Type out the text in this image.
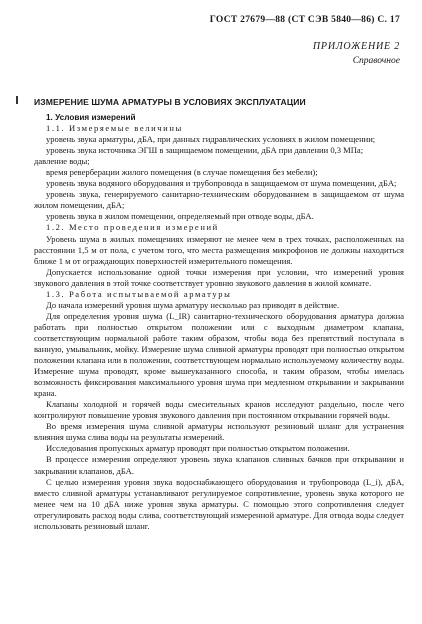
ГОСТ 27679—88 (СТ СЭВ 5840—86) С. 17
ПРИЛОЖЕНИЕ 2
Справочное
ИЗМЕРЕНИЕ ШУМА АРМАТУРЫ В УСЛОВИЯХ ЭКСПЛУАТАЦИИ

1. Условия измерений

1.1. Измеряемые величины

уровень звука арматуры, дБА, при данных гидравлических условиях в жилом помещении;

уровень звука источника ЭГШ в защищаемом помещении, дБА при давлении 0,3 МПа;

давление воды;

время реверберации жилого помещения (в случае помещения без мебели);

уровень звука водяного оборудования и трубопровода в защищаемом от шума помещении, дБА;

уровень звука, генерируемого санитарно-техническим оборудованием в защищаемом от шума жилом помещении, дБА;

уровень звука в жилом помещении, определяемый при отводе воды, дБА.

1.2. Место проведения измерений

Уровень шума в жилых помещениях измеряют не менее чем в трех точках, расположенных на расстоянии 1,5 м от пола, с учетом того, что места размещения микрофонов не должны находиться ближе 1 м от ограждающих поверхностей измерительного помещения.

Допускается использование одной точки измерения при условии, что измерений уровня звукового давления в этой точке соответствует уровню звукового давления в жилой комнате.

1.3. Работа испытываемой арматуры

До начала измерений уровня шума арматуру несколько раз приводят в действие.

Для определения уровня шума (L_IR) санитарно-технического оборудования арматура должна работать при полностью открытом положении или с выходным диаметром клапана, соответствующим нормальной работе таким образом, чтобы вода без препятствий поступала в ванную, умывальник, мойку. Измерение шума сливной арматуры проводят при полностью открытом положении клапана или в положении, соответствующем нормально используемому количеству воды. Измерение шума проводят, кроме вышеуказанного способа, и таким образом, чтобы имелась возможность фиксирования максимального уровня шума при медленном открывании и закрывании крана.

Клапаны холодной и горячей воды смесительных кранов исследуют раздельно, после чего контролируют повышение уровня звукового давления при постоянном открывании горячей воды.

Во время измерения шума сливной арматуры используют резиновый шланг для устранения влияния шума слива воды на результаты измерений.

Исследования пропускных арматур проводят при полностью открытом положении.

В процессе измерения определяют уровень звука клапанов сливных бачков при открывании и закрывании клапанов, дБА.

С целью измерения уровня звука водоснабжающего оборудования и трубопровода (L_i), дБА, вместо сливной арматуры устанавливают регулируемое сопротивление, уровень звука которого не менее чем на 10 дБА ниже уровня звука арматуры. С помощью этого сопротивления следует отрегулировать расход воды слива, соответствующий измеренной арматуре. Для отвода воды следует использовать резиновый шланг.
